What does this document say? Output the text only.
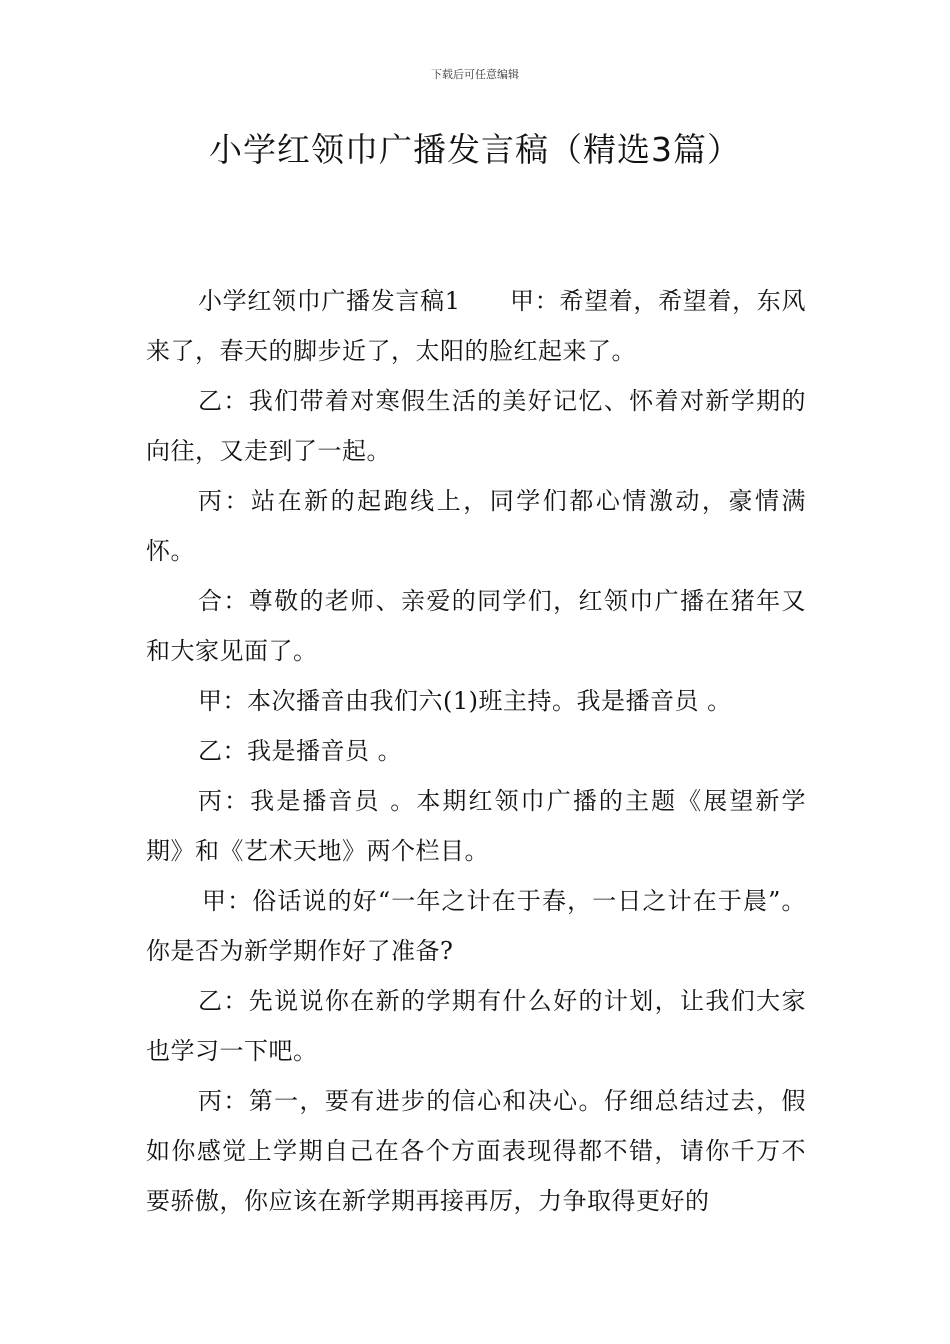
下载后可任意编辑
小学红领巾广播发言稿（精选3篇）

小学红领巾广播发言稿1　　甲：希望着，希望着，东风来了，春天的脚步近了，太阳的脸红起来了。

乙：我们带着对寒假生活的美好记忆、怀着对新学期的向往，又走到了一起。

丙：站在新的起跑线上，同学们都心情激动，豪情满怀。

合：尊敬的老师、亲爱的同学们，红领巾广播在猪年又和大家见面了。

甲：本次播音由我们六(1)班主持。我是播音员 。

乙：我是播音员 。

丙：我是播音员 。本期红领巾广播的主题《展望新学期》和《艺术天地》两个栏目。

甲：俗话说的好“一年之计在于春，一日之计在于晨”。你是否为新学期作好了准备?

乙：先说说你在新的学期有什么好的计划，让我们大家也学习一下吧。

丙：第一，要有进步的信心和决心。仔细总结过去，假如你感觉上学期自己在各个方面表现得都不错，请你千万不要骄傲，你应该在新学期再接再厉，力争取得更好的
